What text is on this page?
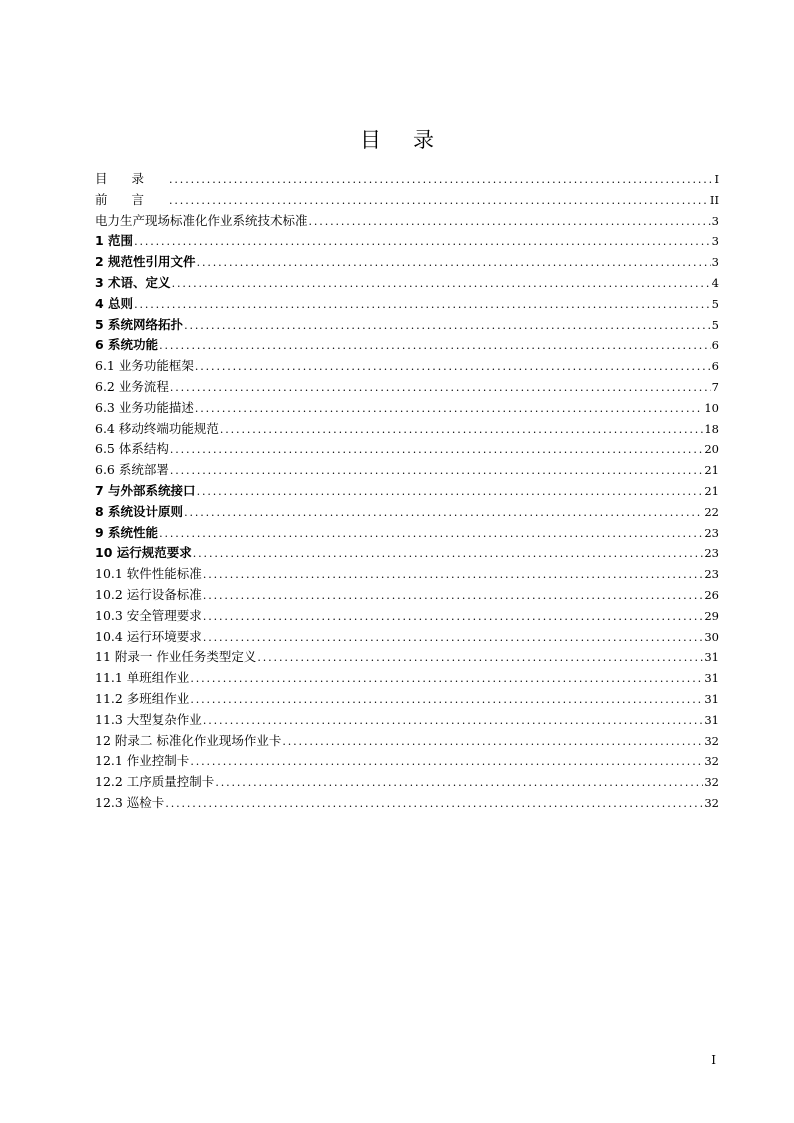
目录
目录 .....	I
前言 .....	II
电力生产现场标准化作业系统技术标准 .....	3
1 范围 .....	3
2 规范性引用文件 .....	3
3 术语、定义 .....	4
4 总则 .....	5
5 系统网络拓扑 .....	5
6 系统功能 .....	6
6.1 业务功能框架 .....	6
6.2 业务流程 .....	7
6.3 业务功能描述 .....	10
6.4 移动终端功能规范 .....	18
6.5 体系结构 .....	20
6.6 系统部署 .....	21
7 与外部系统接口 .....	21
8 系统设计原则 .....	22
9 系统性能 .....	23
10 运行规范要求 .....	23
10.1 软件性能标准 .....	23
10.2 运行设备标准 .....	26
10.3 安全管理要求 .....	29
10.4 运行环境要求 .....	30
11 附录一 作业任务类型定义 .....	31
11.1 单班组作业 .....	31
11.2 多班组作业 .....	31
11.3 大型复杂作业 .....	31
12 附录二 标准化作业现场作业卡 .....	32
12.1 作业控制卡 .....	32
12.2 工序质量控制卡 .....	32
12.3 巡检卡 .....	32
I
